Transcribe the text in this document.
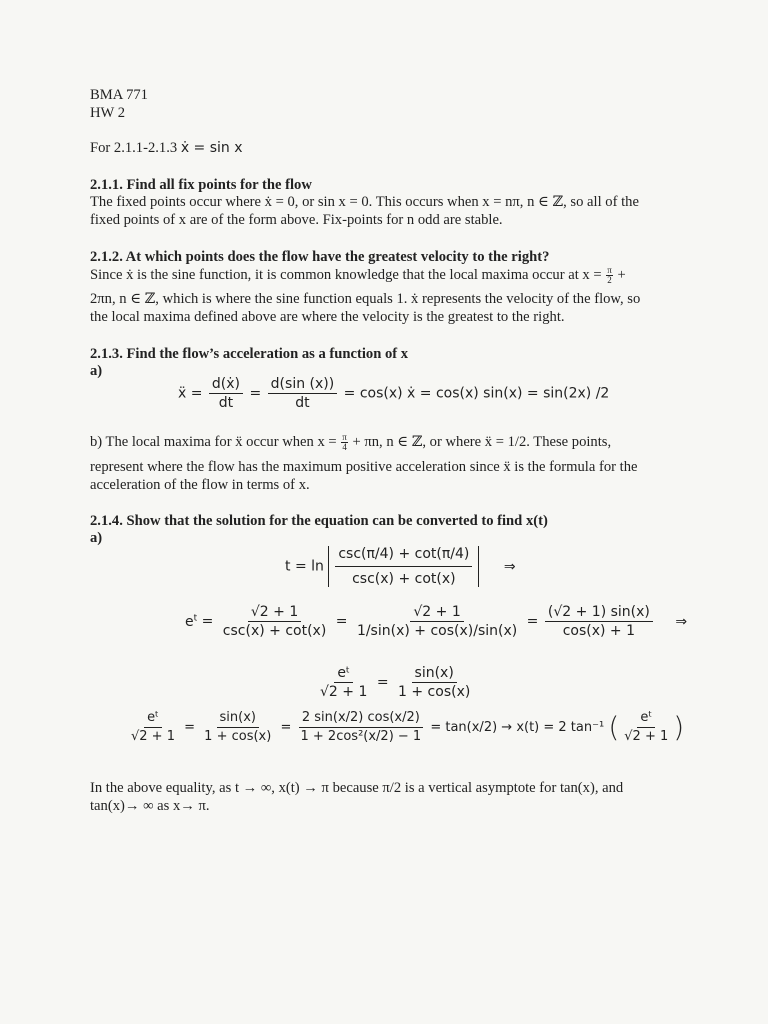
BMA 771
HW 2
For 2.1.1-2.1.3 ẋ = sin x
2.1.1. Find all fix points for the flow
The fixed points occur where ẋ = 0, or sin x = 0. This occurs when x = nπ, n ∈ ℤ, so all of the
fixed points of x are of the form above. Fix-points for n odd are stable.
2.1.2. At which points does the flow have the greatest velocity to the right?
Since ẋ is the sine function, it is common knowledge that the local maxima occur at $x = \frac{\pi}{2}$ +
2πn, n ∈ ℤ, which is where the sine function equals 1. ẋ represents the velocity of the flow, so
the local maxima defined above are where the velocity is the greatest to the right.
2.1.3. Find the flow’s acceleration as a function of x
a)
ẍ = $\frac{\text{d(ẋ)}}{dt} = \frac{d(\sin (x))}{dt} = \cos(x)$ ẋ = cos(x) sin(x) = sin(2x) /2
b) The local maxima for ẍ occur when $x = \frac{\pi}{4} + \pi n$, n ∈ ℤ, or where ẍ = 1/2. These points,
represent where the flow has the maximum positive acceleration since ẍ is the formula for the
acceleration of the flow in terms of x.
2.1.4. Show that the solution for the equation can be converted to find x(t)
a)
$t = \ln \frac{\csc(\pi/4) + \cot(\pi/4)}{\csc(x) + \cot(x)}$ ⇒
$e^t = \frac{√2 + 1}{\csc(x) + \cot(x)} = \frac{√2 + 1}{1/\sin(x) + \cos(x)/\sin(x)} = \frac{(√2 + 1) \sin(x)}{\cos(x) + 1}$ ⇒
$\frac{\text{eᵗ}}{√2 + 1} = \frac{\sin(x)}{1 + \cos(x)}$
$\frac{\text{eᵗ}}{√2 + 1} = \frac{\sin(x)}{1 + \cos(x)} = \frac{2 \sin(x/2) \cos(x/2)}{\text{1 + 2cos²(x/2) − 1}} = \tan(x/2) \to x(t) = 2$ tan⁻¹ ( $\frac{\text{eᵗ}}{√2 + 1}$ )
In the above equality, as t → ∞, x(t) → π because π/2 is a vertical asymptote for tan(x), and
tan(x)→ ∞ as x→ π.
